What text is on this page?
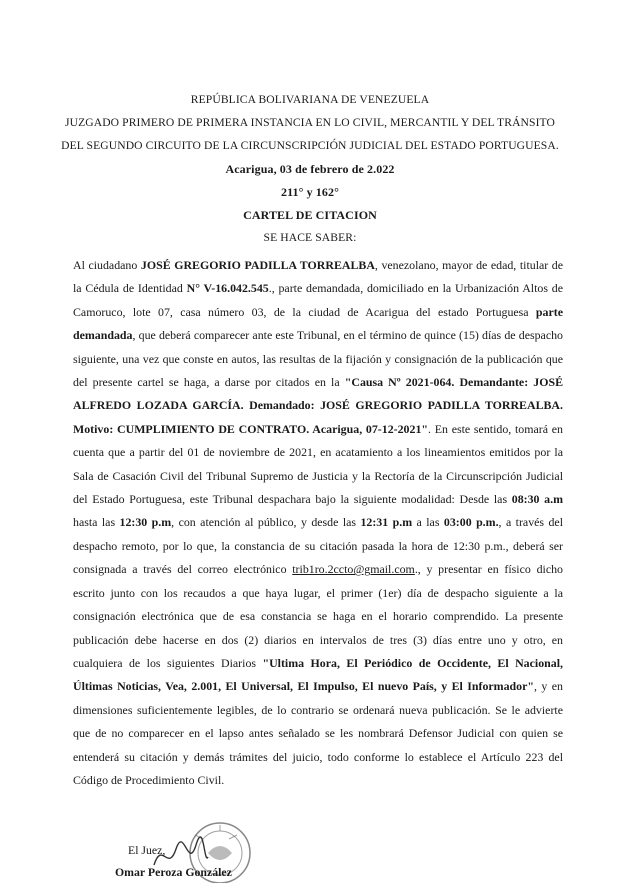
REPÚBLICA BOLIVARIANA DE VENEZUELA
JUZGADO PRIMERO DE PRIMERA INSTANCIA EN LO CIVIL, MERCANTIL Y DEL TRÁNSITO
DEL SEGUNDO CIRCUITO DE LA CIRCUNSCRIPCIÓN JUDICIAL DEL ESTADO PORTUGUESA.
Acarigua, 03 de febrero de 2.022
211° y 162°
CARTEL DE CITACION
SE HACE SABER:

Al ciudadano JOSÉ GREGORIO PADILLA TORREALBA, venezolano, mayor de edad, titular de la Cédula de Identidad N° V-16.042.545., parte demandada, domiciliado en la Urbanización Altos de Camoruco, lote 07, casa número 03, de la ciudad de Acarigua del estado Portuguesa parte demandada, que deberá comparecer ante este Tribunal, en el término de quince (15) días de despacho siguiente, una vez que conste en autos, las resultas de la fijación y consignación de la publicación que del presente cartel se haga, a darse por citados en la "Causa Nº 2021-064. Demandante: JOSÉ ALFREDO LOZADA GARCÍA. Demandado: JOSÉ GREGORIO PADILLA TORREALBA. Motivo: CUMPLIMIENTO DE CONTRATO. Acarigua, 07-12-2021". En este sentido, tomará en cuenta que a partir del 01 de noviembre de 2021, en acatamiento a los lineamientos emitidos por la Sala de Casación Civil del Tribunal Supremo de Justicia y la Rectoría de la Circunscripción Judicial del Estado Portuguesa, este Tribunal despachara bajo la siguiente modalidad: Desde las 08:30 a.m hasta las 12:30 p.m, con atención al público, y desde las 12:31 p.m a las 03:00 p.m., a través del despacho remoto, por lo que, la constancia de su citación pasada la hora de 12:30 p.m., deberá ser consignada a través del correo electrónico trib1ro.2ccto@gmail.com., y presentar en físico dicho escrito junto con los recaudos a que haya lugar, el primer (1er) día de despacho siguiente a la consignación electrónica que de esa constancia se haga en el horario comprendido. La presente publicación debe hacerse en dos (2) diarios en intervalos de tres (3) días entre uno y otro, en cualquiera de los siguientes Diarios "Ultima Hora, El Periódico de Occidente, El Nacional, Últimas Noticias, Vea, 2.001, El Universal, El Impulso, El nuevo País, y El Informador", y en dimensiones suficientemente legibles, de lo contrario se ordenará nueva publicación. Se le advierte que de no comparecer en el lapso antes señalado se les nombrará Defensor Judicial con quien se entenderá su citación y demás trámites del juicio, todo conforme lo establece el Artículo 223 del Código de Procedimiento Civil.

El Juez,
Omar Peroza González
